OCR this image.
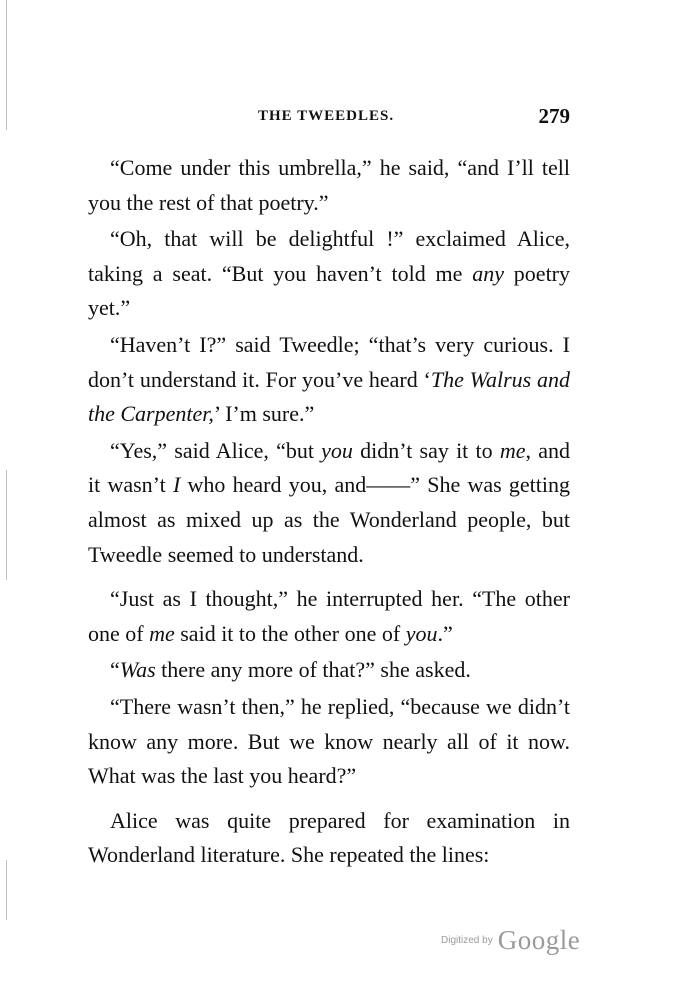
THE TWEEDLES.	279

“Come under this umbrella,” he said, “and I’ll tell you the rest of that poetry.”

“Oh, that will be delightful !” exclaimed Alice, taking a seat. “But you haven’t told me any poetry yet.”

“Haven’t I?” said Tweedle; “that’s very curious. I don’t understand it. For you’ve heard ‘The Walrus and the Carpenter,’ I’m sure.”

“Yes,” said Alice, “but you didn’t say it to me, and it wasn’t I who heard you, and——” She was getting almost as mixed up as the Wonderland people, but Tweedle seemed to understand.

“Just as I thought,” he interrupted her. “The other one of me said it to the other one of you.”

“Was there any more of that?” she asked.

“There wasn’t then,” he replied, “because we didn’t know any more. But we know nearly all of it now. What was the last you heard?”

Alice was quite prepared for examination in Wonderland literature. She repeated the lines:

Digitized by Google
